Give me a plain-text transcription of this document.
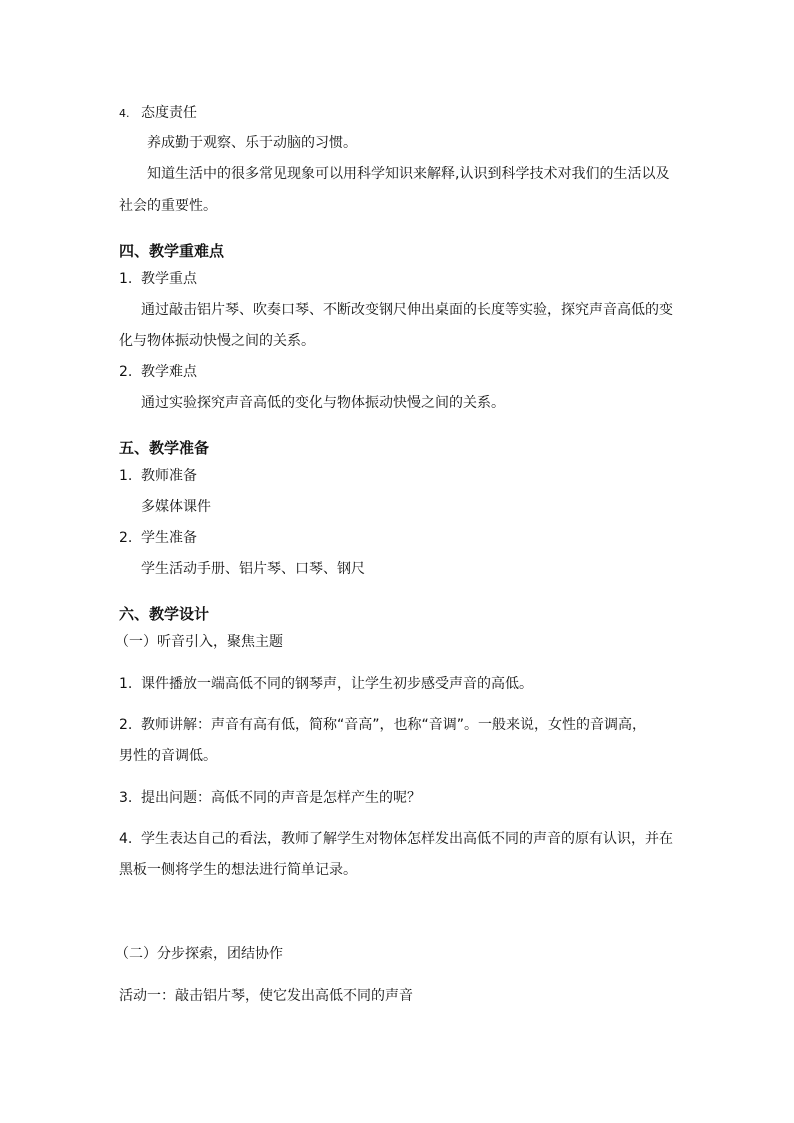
4. 态度责任
养成勤于观察、乐于动脑的习惯。
知道生活中的很多常见现象可以用科学知识来解释,认识到科学技术对我们的生活以及
社会的重要性。
四、教学重难点
1. 教学重点
通过敲击铝片琴、吹奏口琴、不断改变钢尺伸出桌面的长度等实验，探究声音高低的变
化与物体振动快慢之间的关系。
2. 教学难点
通过实验探究声音高低的变化与物体振动快慢之间的关系。
五、教学准备
1. 教师准备
多媒体课件
2. 学生准备
学生活动手册、铝片琴、口琴、钢尺
六、教学设计
（一）听音引入，聚焦主题
1. 课件播放一端高低不同的钢琴声，让学生初步感受声音的高低。
2. 教师讲解：声音有高有低，简称“音高”，也称“音调”。一般来说，女性的音调高，
男性的音调低。
3. 提出问题：高低不同的声音是怎样产生的呢？
4. 学生表达自己的看法，教师了解学生对物体怎样发出高低不同的声音的原有认识，并在
黑板一侧将学生的想法进行简单记录。
（二）分步探索，团结协作
活动一：敲击铝片琴，使它发出高低不同的声音
